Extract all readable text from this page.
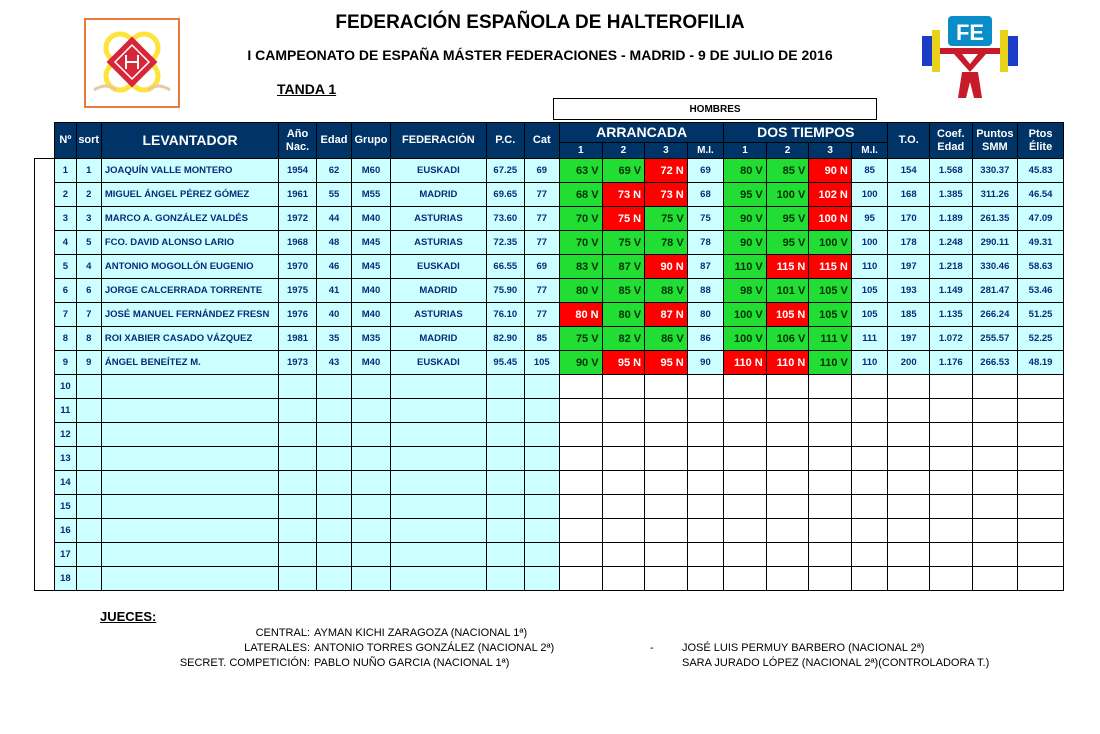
FE
FEDERACIÓN ESPAÑOLA DE HALTEROFILIA
I CAMPEONATO DE ESPAÑA MÁSTER FEDERACIONES - MADRID - 9 DE JULIO DE 2016
TANDA 1
HOMBRES
	Nº	sort	LEVANTADOR	Año Nac.	Edad	Grupo	FEDERACIÓN	P.C.	Cat	ARRANCADA				DOS TIEMPOS				T.O.	Coef. Edad	Puntos SMM	Ptos Élite
										1	2	3	M.I.	1	2	3	M.I.				
	1	1	JOAQUÍN VALLE MONTERO	1954	62	M60	EUSKADI	67.25	69	63 V	69 V	72 N	69	80 V	85 V	90 N	85	154	1.568	330.37	45.83
	2	2	MIGUEL ÁNGEL PÉREZ GÓMEZ	1961	55	M55	MADRID	69.65	77	68 V	73 N	73 N	68	95 V	100 V	102 N	100	168	1.385	311.26	46.54
	3	3	MARCO A. GONZÁLEZ VALDÉS	1972	44	M40	ASTURIAS	73.60	77	70 V	75 N	75 V	75	90 V	95 V	100 N	95	170	1.189	261.35	47.09
	4	5	FCO. DAVID ALONSO LARIO	1968	48	M45	ASTURIAS	72.35	77	70 V	75 V	78 V	78	90 V	95 V	100 V	100	178	1.248	290.11	49.31
	5	4	ANTONIO MOGOLLÓN EUGENIO	1970	46	M45	EUSKADI	66.55	69	83 V	87 V	90 N	87	110 V	115 N	115 N	110	197	1.218	330.46	58.63
	6	6	JORGE CALCERRADA TORRENTE	1975	41	M40	MADRID	75.90	77	80 V	85 V	88 V	88	98 V	101 V	105 V	105	193	1.149	281.47	53.46
	7	7	JOSÉ MANUEL FERNÁNDEZ FRESN	1976	40	M40	ASTURIAS	76.10	77	80 N	80 V	87 N	80	100 V	105 N	105 V	105	185	1.135	266.24	51.25
	8	8	ROI XABIER CASADO VÁZQUEZ	1981	35	M35	MADRID	82.90	85	75 V	82 V	86 V	86	100 V	106 V	111 V	111	197	1.072	255.57	52.25
	9	9	ÁNGEL BENEÍTEZ M.	1973	43	M40	EUSKADI	95.45	105	90 V	95 N	95 N	90	110 N	110 N	110 V	110	200	1.176	266.53	48.19
	10																				
	11																				
	12																				
	13																				
	14																				
	15																				
	16																				
	17																				
	18																				
JUECES:
CENTRAL: AYMAN KICHI ZARAGOZA (NACIONAL 1ª)
LATERALES: ANTONIO TORRES GONZÁLEZ (NACIONAL 2ª)	-	JOSÉ LUIS PERMUY BARBERO (NACIONAL 2ª)
SECRET. COMPETICIÓN: PABLO NUÑO GARCIA (NACIONAL 1ª)	SARA JURADO LÓPEZ (NACIONAL 2ª)(CONTROLADORA T.)
